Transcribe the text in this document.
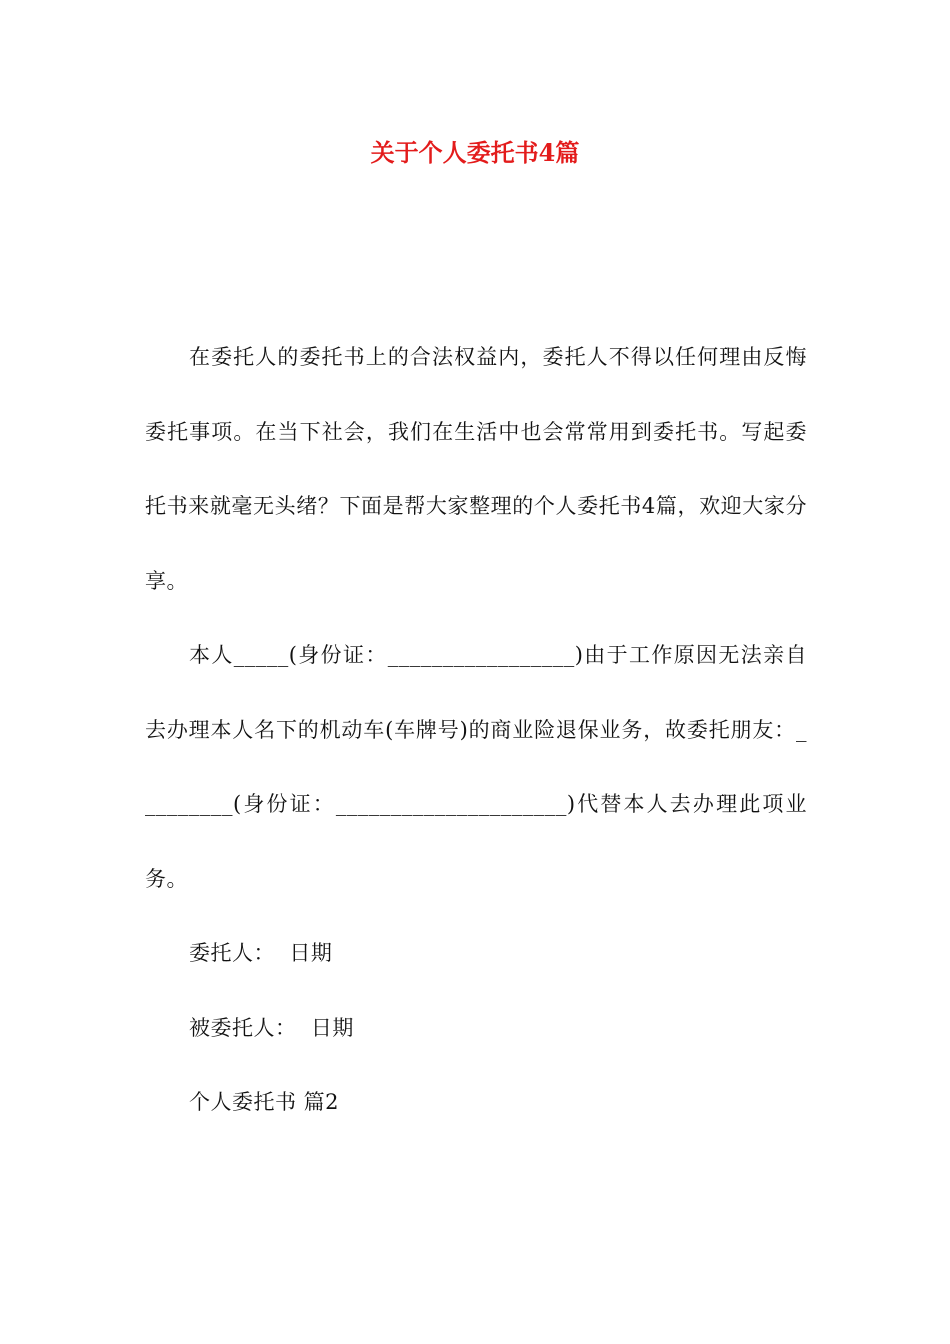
关于个人委托书4篇

在委托人的委托书上的合法权益内，委托人不得以任何理由反悔委托事项。在当下社会，我们在生活中也会常常用到委托书。写起委托书来就毫无头绪？下面是帮大家整理的个人委托书4篇，欢迎大家分享。

本人_____(身份证：_________________)由于工作原因无法亲自去办理本人名下的机动车(车牌号)的商业险退保业务，故委托朋友：_________(身份证：_____________________)代替本人去办理此项业务。

委托人：  日期

被委托人：  日期

个人委托书 篇2
